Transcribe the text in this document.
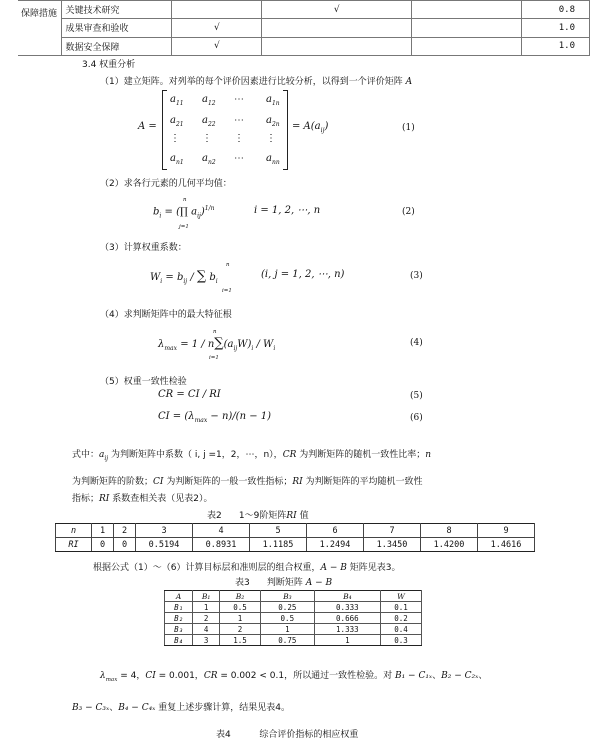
保障措施	关键技术研究		√		0.8
	成果审查和验收	√			1.0
	数据安全保障	√			1.0
3.4 权重分析
（1）建立矩阵。对列举的每个评价因素进行比较分析，以得到一个评价矩阵 A
A =
$a_{11}$ $a_{12}$ ⋯ $a_{1n}$
$a_{21}$ $a_{22}$ ⋯ $a_{2n}$
⋮ ⋮ ⋮ ⋮
$a_{n1}$ $a_{n2}$ ⋯ $a_{nn}$
= $A(a_{ij})$	(1)
（2）求各行元素的几何平均值：
$b_i$ = (∏ $a_{ij})^{1/n}$
n
j=1
i = 1, 2, ⋯, n	(2)
（3）计算权重系数：
$W_i = b_{ij}$ / ∑ $b_i$
n
i=1
(i, j = 1, 2, ⋯, n)	(3)
（4）求判断矩阵中的最大特征根
$\lambda_{max} = 1 / n\sum(a_{ij}W)_i / W_i$
n
i=1
(4)
（5）权重一致性检验
CR = CI / RI	(5)
CI = $(\lambda_{max} - n)/(n - 1)$	(6)
式中：$a_{ij}$ 为判断矩阵中系数（ i, j =1，2，⋯，n），CR 为判断矩阵的随机一致性比率；n
为判断矩阵的阶数；CI 为判断矩阵的一般一致性指标；RI 为判断矩阵的平均随机一致性
指标；RI 系数查相关表（见表2）。
表2 1～9阶矩阵RI 值
n	1	2	3	4	5	6	7	8	9
RI	0	0	0.5194	0.8931	1.1185	1.2494	1.3450	1.4200	1.4616
根据公式（1）～（6）计算目标层和准则层的组合权重，A − B 矩阵见表3。
表3 判断矩阵 A − B
A	B₁	B₂	B₃	B₄	W
B₁	1	0.5	0.25	0.333	0.1
B₂	2	1	0.5	0.666	0.2
B₃	4	2	1	1.333	0.4
B₄	3	1.5	0.75	1	0.3
$\lambda_{max} = 4$，CI = 0.001，CR = 0.002 < 0.1，所以通过一致性检验。对 B₁ − C₁ₓ、B₂ − C₂ₓ、
B₃ − C₃ₓ、B₄ − C₄ₓ 重复上述步骤计算，结果见表4。
表4	综合评价指标的相应权重
